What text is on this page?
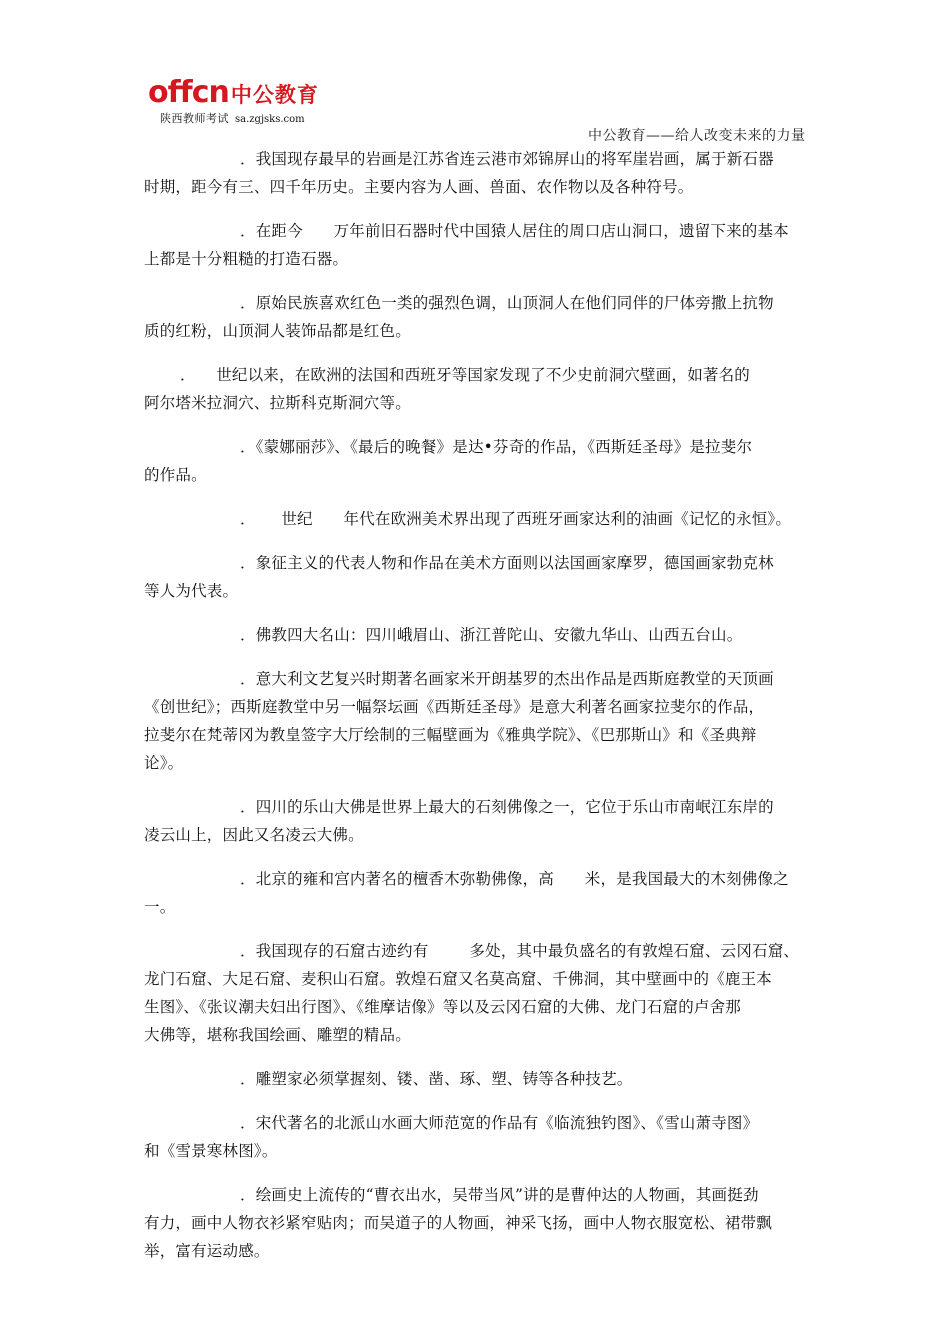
offcn中公教育
陕西教师考试 sa.zgjsks.com
中公教育——给人改变未来的力量
．我国现存最早的岩画是江苏省连云港市郊锦屏山的将军崖岩画，属于新石器
时期，距今有三、四千年历史。主要内容为人画、兽面、农作物以及各种符号。
．在距今      万年前旧石器时代中国猿人居住的周口店山洞口，遗留下来的基本
上都是十分粗糙的打造石器。
．原始民族喜欢红色一类的强烈色调，山顶洞人在他们同伴的尸体旁撒上抗物
质的红粉，山顶洞人装饰品都是红色。
．    世纪以来，在欧洲的法国和西班牙等国家发现了不少史前洞穴壁画，如著名的
阿尔塔米拉洞穴、拉斯科克斯洞穴等。
．《蒙娜丽莎》、《最后的晚餐》是达•芬奇的作品，《西斯廷圣母》是拉斐尔
的作品。
．     世纪      年代在欧洲美术界出现了西班牙画家达利的油画《记忆的永恒》。
．象征主义的代表人物和作品在美术方面则以法国画家摩罗，德国画家勃克林
等人为代表。
．佛教四大名山：四川峨眉山、浙江普陀山、安徽九华山、山西五台山。
．意大利文艺复兴时期著名画家米开朗基罗的杰出作品是西斯庭教堂的天顶画
《创世纪》；西斯庭教堂中另一幅祭坛画《西斯廷圣母》是意大利著名画家拉斐尔的作品，
拉斐尔在梵蒂冈为教皇签字大厅绘制的三幅壁画为《雅典学院》、《巴那斯山》和《圣典辩
论》。
．四川的乐山大佛是世界上最大的石刻佛像之一，它位于乐山市南岷江东岸的
凌云山上，因此又名凌云大佛。
．北京的雍和宫内著名的檀香木弥勒佛像，高      米，是我国最大的木刻佛像之
一。
．我国现存的石窟古迹约有        多处，其中最负盛名的有敦煌石窟、云冈石窟、
龙门石窟、大足石窟、麦积山石窟。敦煌石窟又名莫高窟、千佛洞，其中壁画中的《鹿王本
生图》、《张议潮夫妇出行图》、《维摩诘像》等以及云冈石窟的大佛、龙门石窟的卢舍那
大佛等，堪称我国绘画、雕塑的精品。
．雕塑家必须掌握刻、镂、凿、琢、塑、铸等各种技艺。
．宋代著名的北派山水画大师范宽的作品有《临流独钓图》、《雪山萧寺图》
和《雪景寒林图》。
．绘画史上流传的“曹衣出水，吴带当风”讲的是曹仲达的人物画，其画挺劲
有力，画中人物衣衫紧窄贴肉；而吴道子的人物画，神采飞扬，画中人物衣服宽松、裙带飘
举，富有运动感。
